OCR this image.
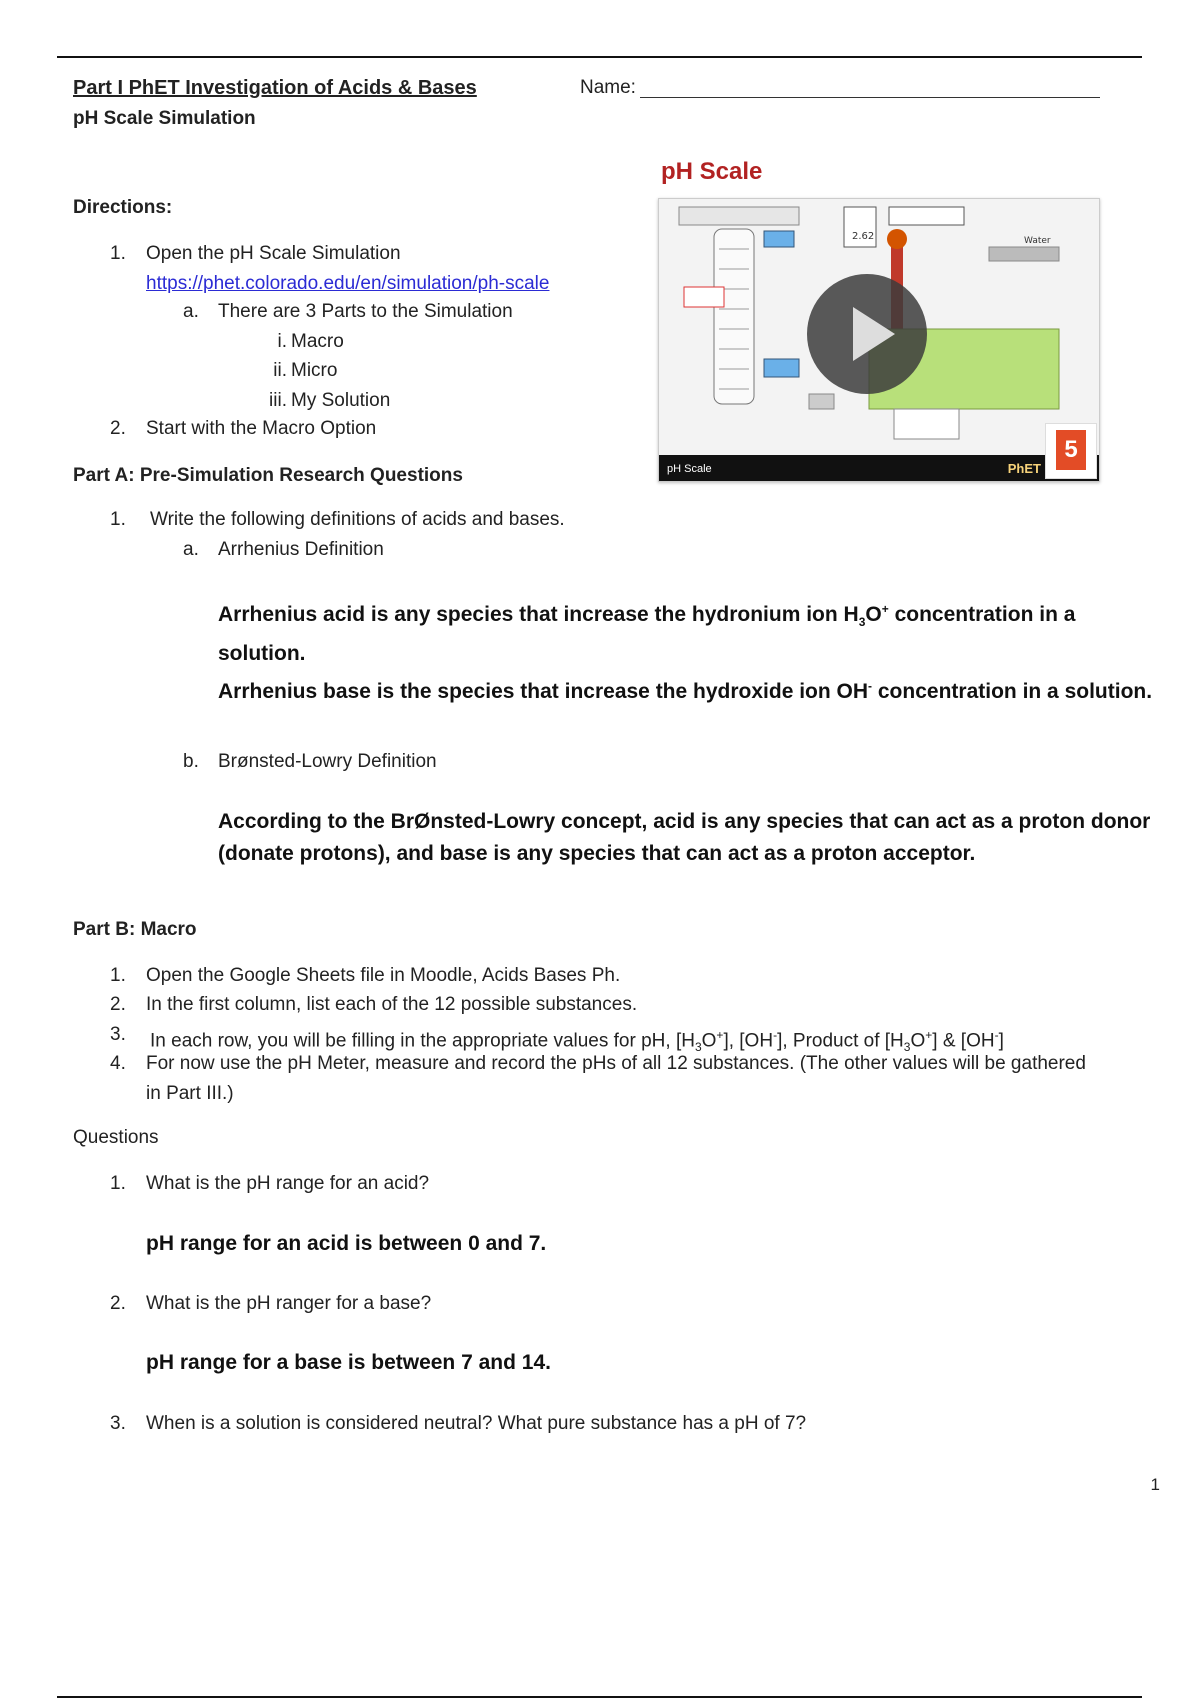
Part I PhET Investigation of Acids & Bases	Name:
pH Scale Simulation
pH Scale
2.62	Water
pH Scale	PhET
5
Directions:
1. Open the pH Scale Simulation
https://phet.colorado.edu/en/simulation/ph-scale
a. There are 3 Parts to the Simulation
i. Macro
ii. Micro
iii. My Solution
2. Start with the Macro Option
Part A: Pre-Simulation Research Questions
1. Write the following definitions of acids and bases.
a. Arrhenius Definition
Arrhenius acid is any species that increase the hydronium ion $H_3O^+$ concentration in a
solution.
Arrhenius base is the species that increase the hydroxide ion OH- concentration in a solution.
b. Brønsted-Lowry Definition
According to the BrØnsted-Lowry concept, acid is any species that can act as a proton donor
(donate protons), and base is any species that can act as a proton acceptor.
Part B: Macro
1. Open the Google Sheets file in Moodle, Acids Bases Ph.
2. In the first column, list each of the 12 possible substances.
3. In each row, you will be filling in the appropriate values for pH, $[H_3O^+]$, [OH-], Product of $[H_3O^+]$ & [OH-]
4. For now use the pH Meter, measure and record the pHs of all 12 substances. (The other values will be gathered
in Part III.)
Questions
1. What is the pH range for an acid?
pH range for an acid is between 0 and 7.
2. What is the pH ranger for a base?
pH range for a base is between 7 and 14.
3. When is a solution is considered neutral? What pure substance has a pH of 7?
1
